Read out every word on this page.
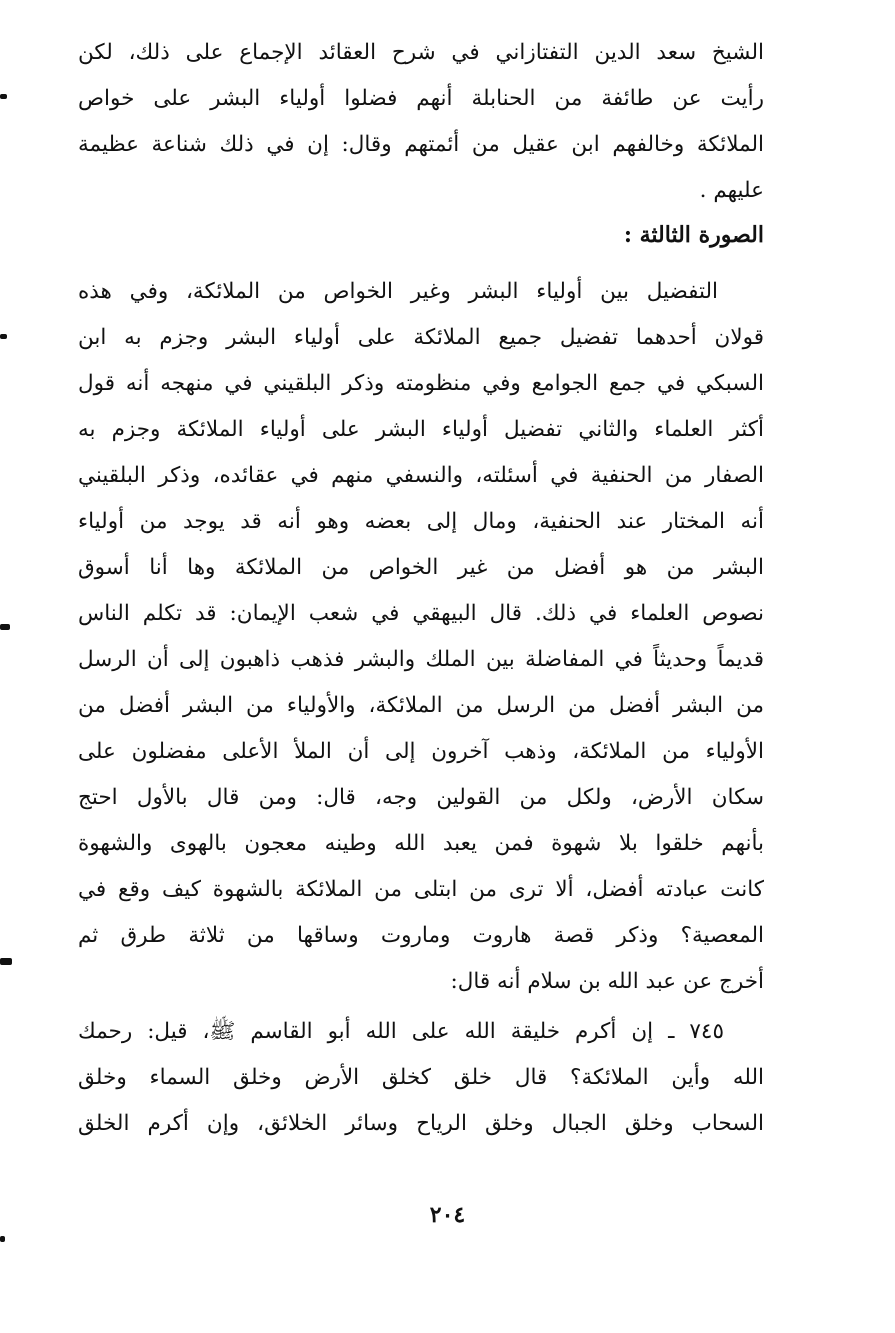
الشيخ سعد الدين التفتازاني في شرح العقائد الإجماع على ذلك، لكن
رأيت عن طائفة من الحنابلة أنهم فضلوا أولياء البشر على خواص
الملائكة وخالفهم ابن عقيل من أئمتهم وقال: إن في ذلك شناعة عظيمة
عليهم .
الصورة الثالثة :
التفضيل بين أولياء البشر وغير الخواص من الملائكة، وفي هذه
قولان أحدهما تفضيل جميع الملائكة على أولياء البشر وجزم به ابن
السبكي في جمع الجوامع وفي منظومته وذكر البلقيني في منهجه أنه قول
أكثر العلماء والثاني تفضيل أولياء البشر على أولياء الملائكة وجزم به
الصفار من الحنفية في أسئلته، والنسفي منهم في عقائده، وذكر البلقيني
أنه المختار عند الحنفية، ومال إلى بعضه وهو أنه قد يوجد من أولياء
البشر من هو أفضل من غير الخواص من الملائكة وها أنا أسوق
نصوص العلماء في ذلك. قال البيهقي في شعب الإيمان: قد تكلم الناس
قديماً وحديثاً في المفاضلة بين الملك والبشر فذهب ذاهبون إلى أن الرسل
من البشر أفضل من الرسل من الملائكة، والأولياء من البشر أفضل من
الأولياء من الملائكة، وذهب آخرون إلى أن الملأ الأعلى مفضلون على
سكان الأرض، ولكل من القولين وجه، قال: ومن قال بالأول احتج
بأنهم خلقوا بلا شهوة فمن يعبد الله وطينه معجون بالهوى والشهوة
كانت عبادته أفضل، ألا ترى من ابتلى من الملائكة بالشهوة كيف وقع في
المعصية؟ وذكر قصة هاروت وماروت وساقها من ثلاثة طرق ثم
أخرج عن عبد الله بن سلام أنه قال:
٧٤٥ ـ إن أكرم خليقة الله على الله أبو القاسم ﷺ، قيل: رحمك
الله وأين الملائكة؟ قال خلق كخلق الأرض وخلق السماء وخلق
السحاب وخلق الجبال وخلق الرياح وسائر الخلائق، وإن أكرم الخلق
٢٠٤
